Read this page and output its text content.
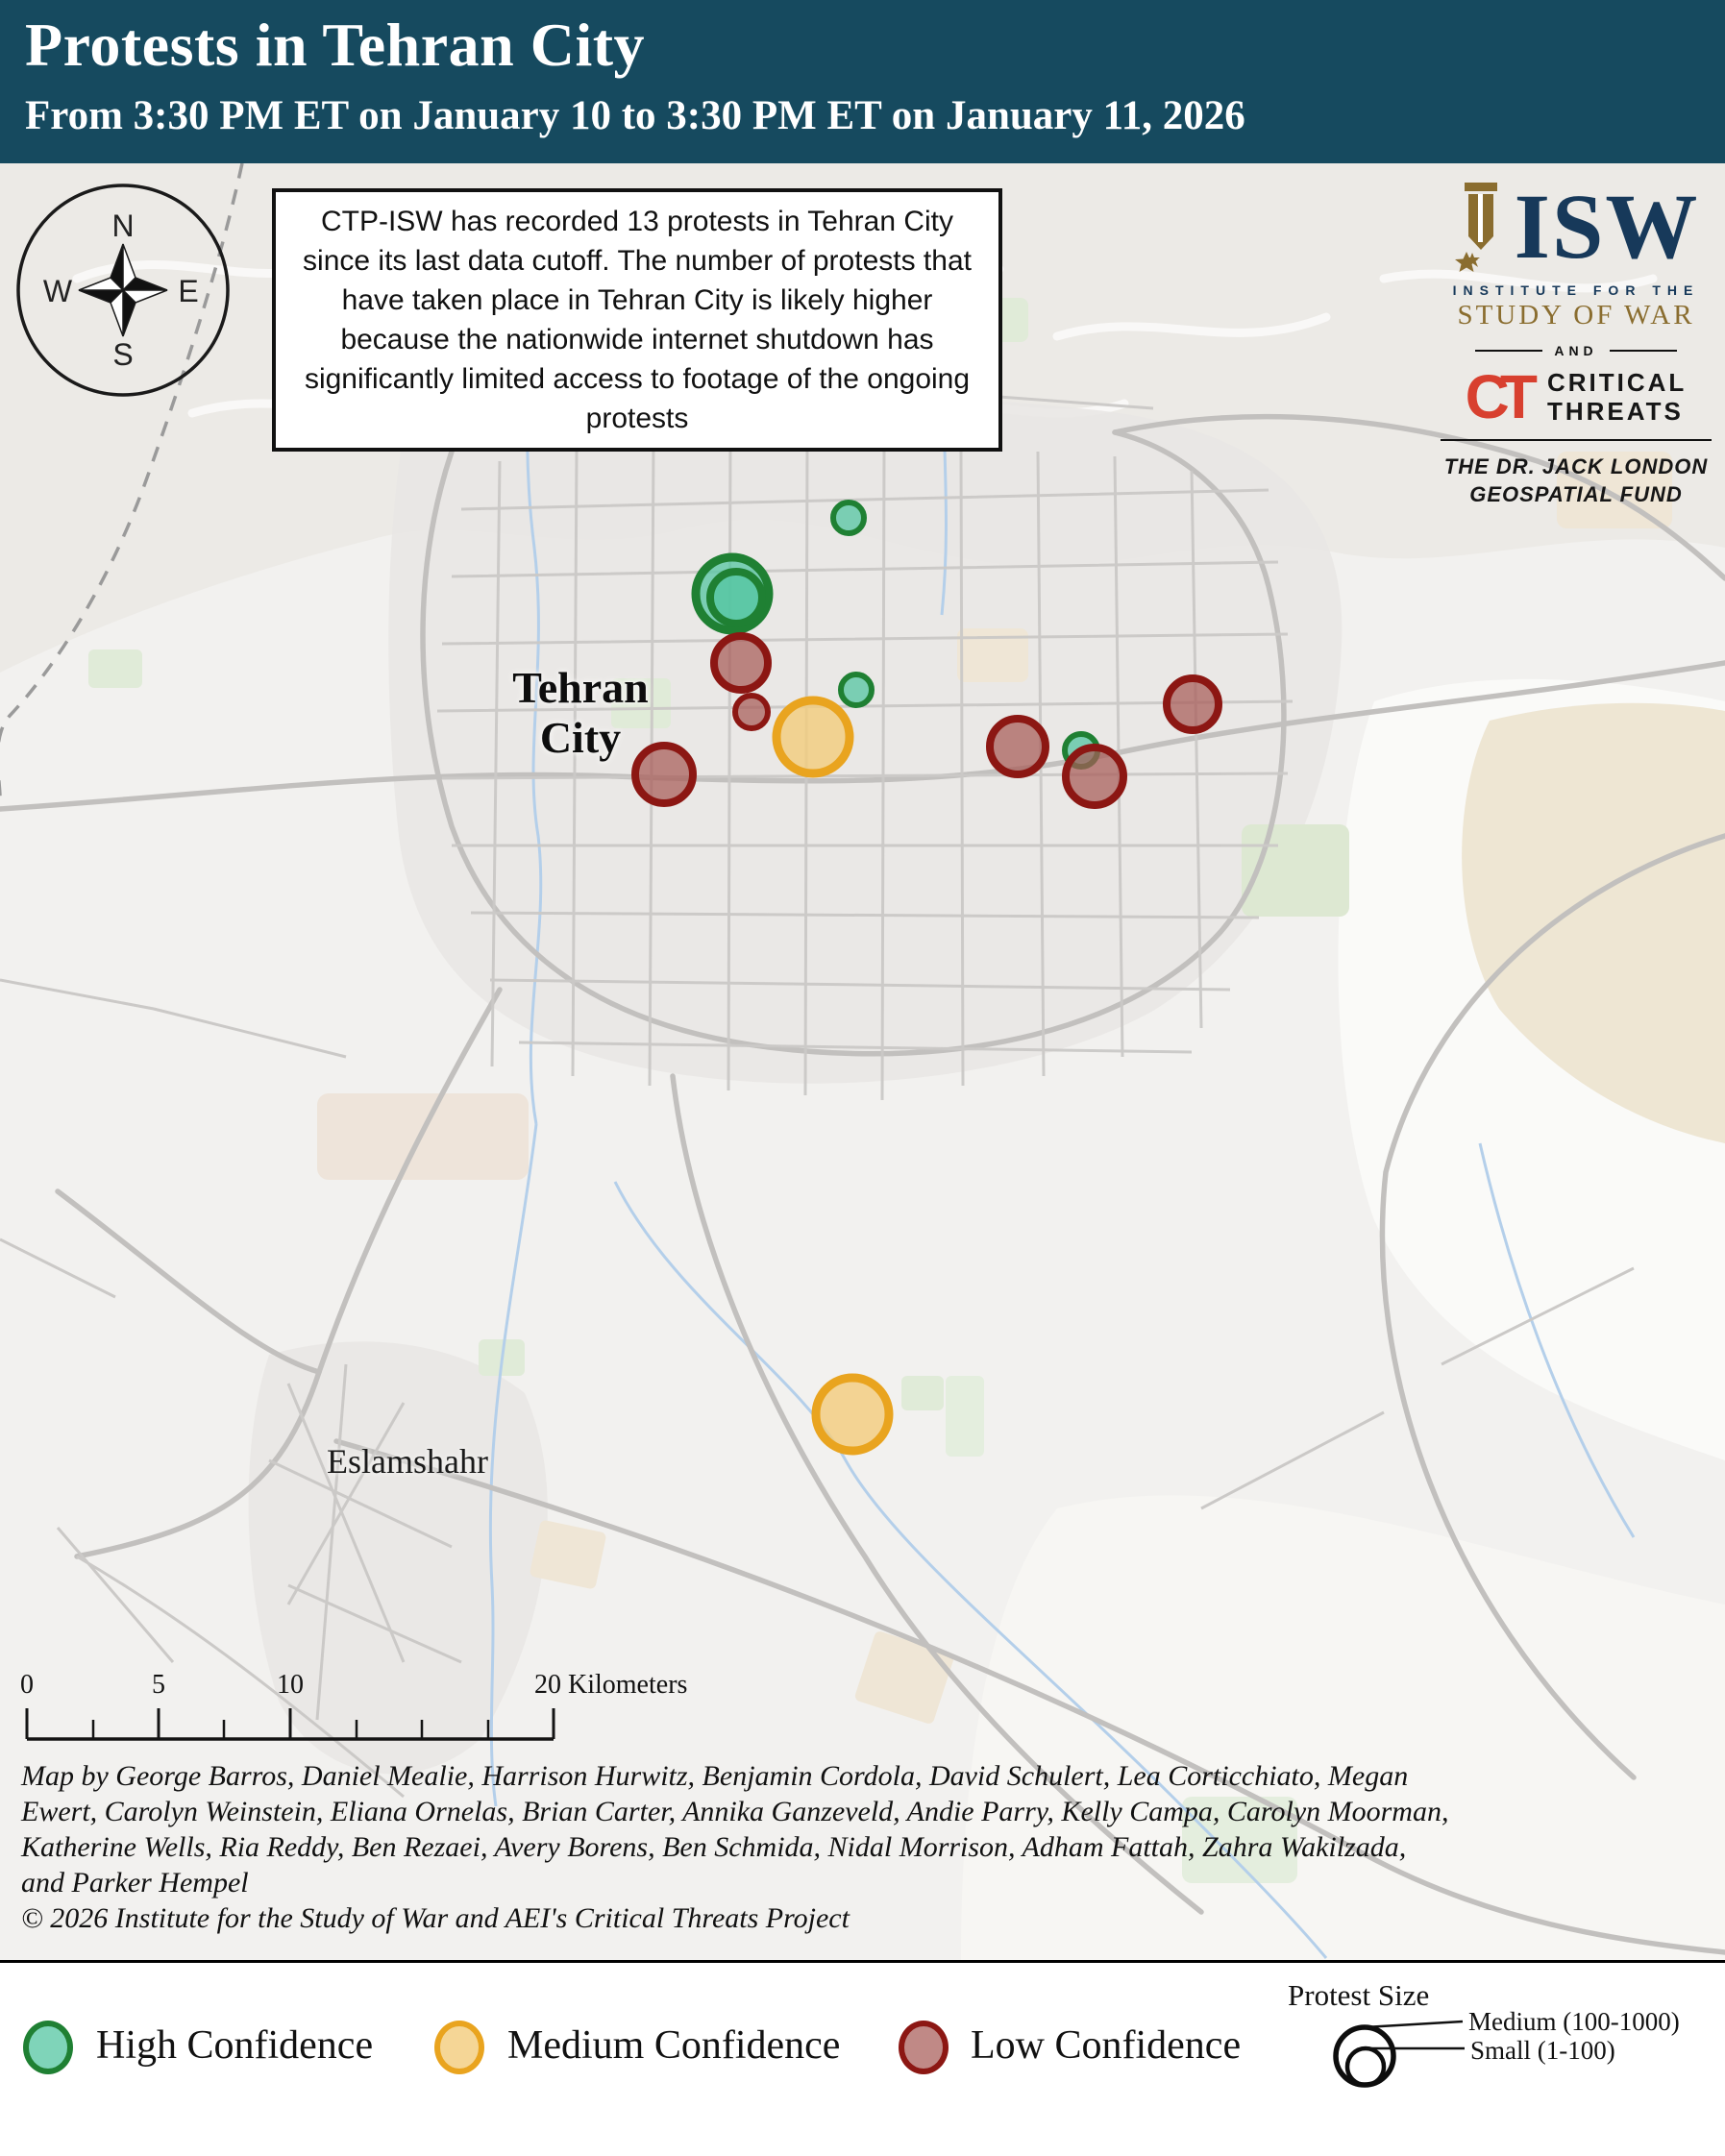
Protests in Tehran City
From 3:30 PM ET on January 10 to 3:30 PM ET on January 11, 2026
N
E
S
W
CTP-ISW has recorded 13 protests in Tehran City since its last data cutoff. The number of protests that have taken place in Tehran City is likely higher because the nationwide internet shutdown has significantly limited access to footage of the ongoing protests
ISW
INSTITUTE FOR THE
STUDY OF WAR
AND
CT CRITICAL
THREATS
THE DR. JACK LONDON
GEOSPATIAL FUND
Tehran
City
Eslamshahr
0	5	10	20 Kilometers
Map by George Barros, Daniel Mealie, Harrison Hurwitz, Benjamin Cordola, David Schulert, Lea Corticchiato, Megan
Ewert, Carolyn Weinstein, Eliana Ornelas, Brian Carter, Annika Ganzeveld, Andie Parry, Kelly Campa, Carolyn Moorman,
Katherine Wells, Ria Reddy, Ben Rezaei, Avery Borens, Ben Schmida, Nidal Morrison, Adham Fattah, Zahra Wakilzada,
and Parker Hempel
© 2026 Institute for the Study of War and AEI's Critical Threats Project
High Confidence	Medium Confidence	Low Confidence
Protest Size
Medium (100-1000)
Small (1-100)
